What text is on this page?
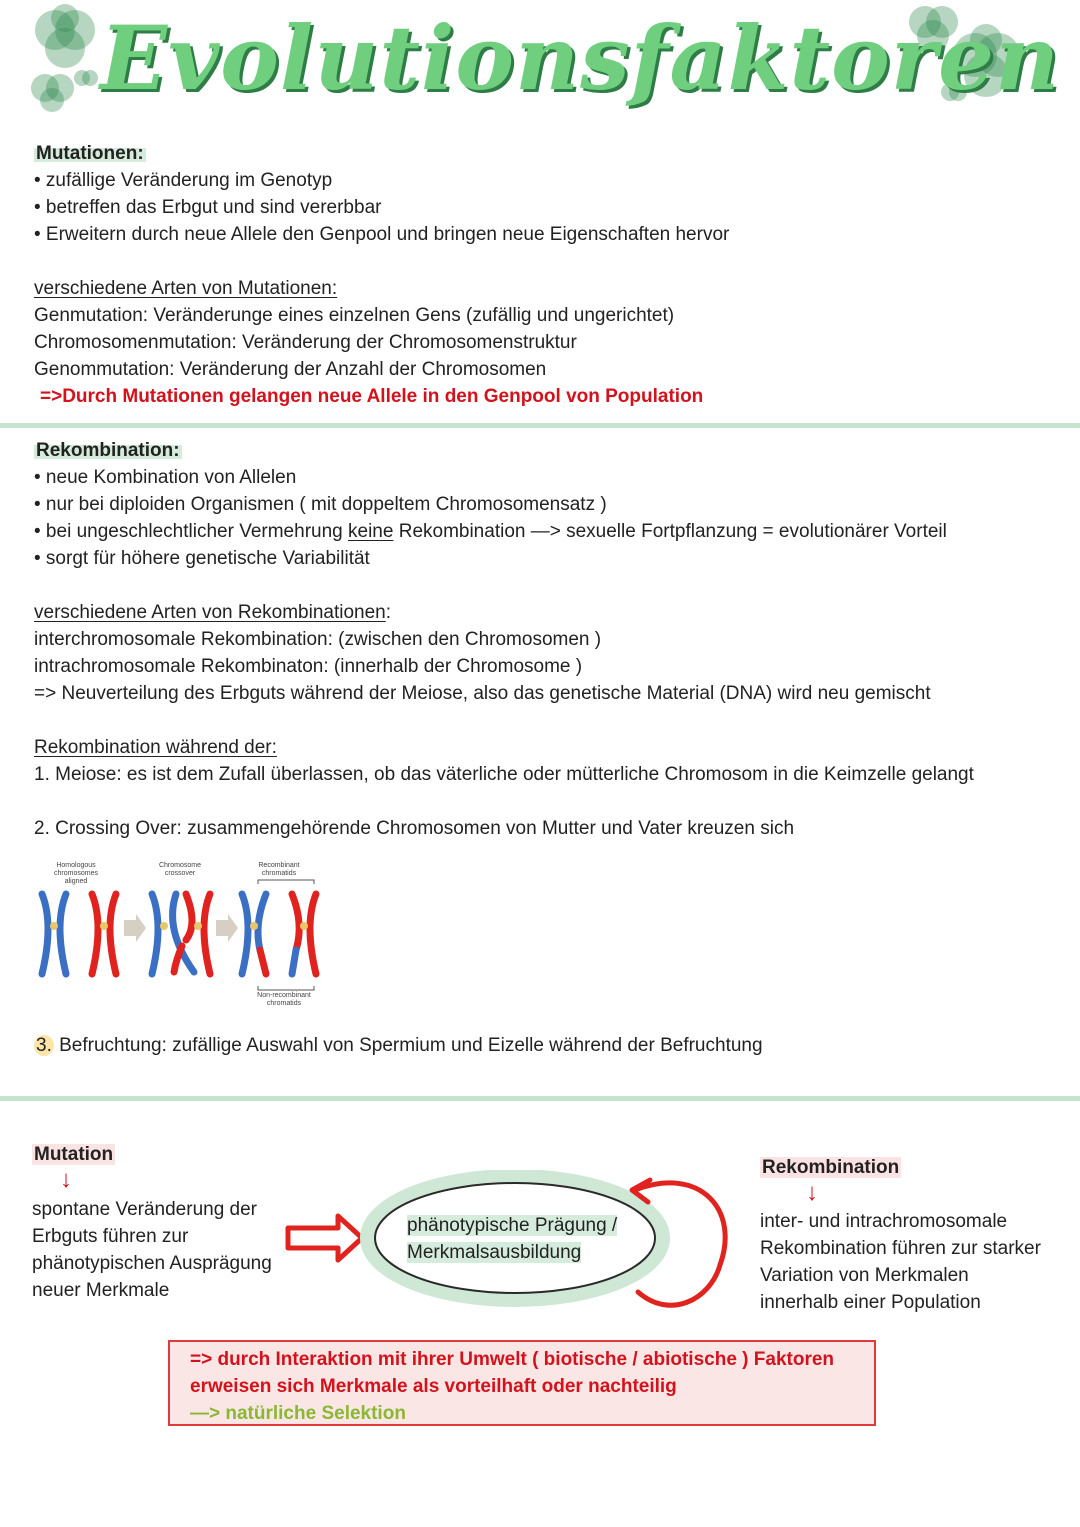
Evolutionsfaktoren
Mutationen:
• zufällige Veränderung im Genotyp
• betreffen das Erbgut und sind vererbbar
• Erweitern durch neue Allele den Genpool und bringen neue Eigenschaften hervor
verschiedene Arten von Mutationen:
Genmutation: Veränderunge eines einzelnen Gens (zufällig und ungerichtet)
Chromosomenmutation: Veränderung der Chromosomenstruktur
Genommutation: Veränderung der Anzahl der Chromosomen
=>Durch Mutationen gelangen neue Allele in den Genpool von Population
Rekombination:
• neue Kombination von Allelen
• nur bei diploiden Organismen ( mit doppeltem Chromosomensatz )
• bei ungeschlechtlicher Vermehrung keine Rekombination —> sexuelle Fortpflanzung = evolutionärer Vorteil
• sorgt für höhere genetische Variabilität
verschiedene Arten von Rekombinationen:
interchromosomale Rekombination: (zwischen den Chromosomen )
intrachromosomale Rekombinaton: (innerhalb der Chromosome )
=> Neuverteilung des Erbguts während der Meiose, also das genetische Material (DNA) wird neu gemischt
Rekombination während der:
1. Meiose: es ist dem Zufall überlassen, ob das väterliche oder mütterliche Chromosom in die Keimzelle gelangt
2. Crossing Over: zusammengehörende Chromosomen von Mutter und Vater kreuzen sich
Homologous chromosomes aligned
Chromosome crossover
Recombinant chromatids
Non-recombinant chromatids
3. Befruchtung: zufällige Auswahl von Spermium und Eizelle während der Befruchtung
Mutation
↓
spontane Veränderung der
Erbguts führen zur
phänotypischen Ausprägung
neuer Merkmale
phänotypische Prägung /
Merkmalsausbildung
Rekombination
↓
inter- und intrachromosomale
Rekombination führen zur starker
Variation von Merkmalen
innerhalb einer Population
=> durch Interaktion mit ihrer Umwelt ( biotische / abiotische ) Faktoren
erweisen sich Merkmale als vorteilhaft oder nachteilig
—> natürliche Selektion
